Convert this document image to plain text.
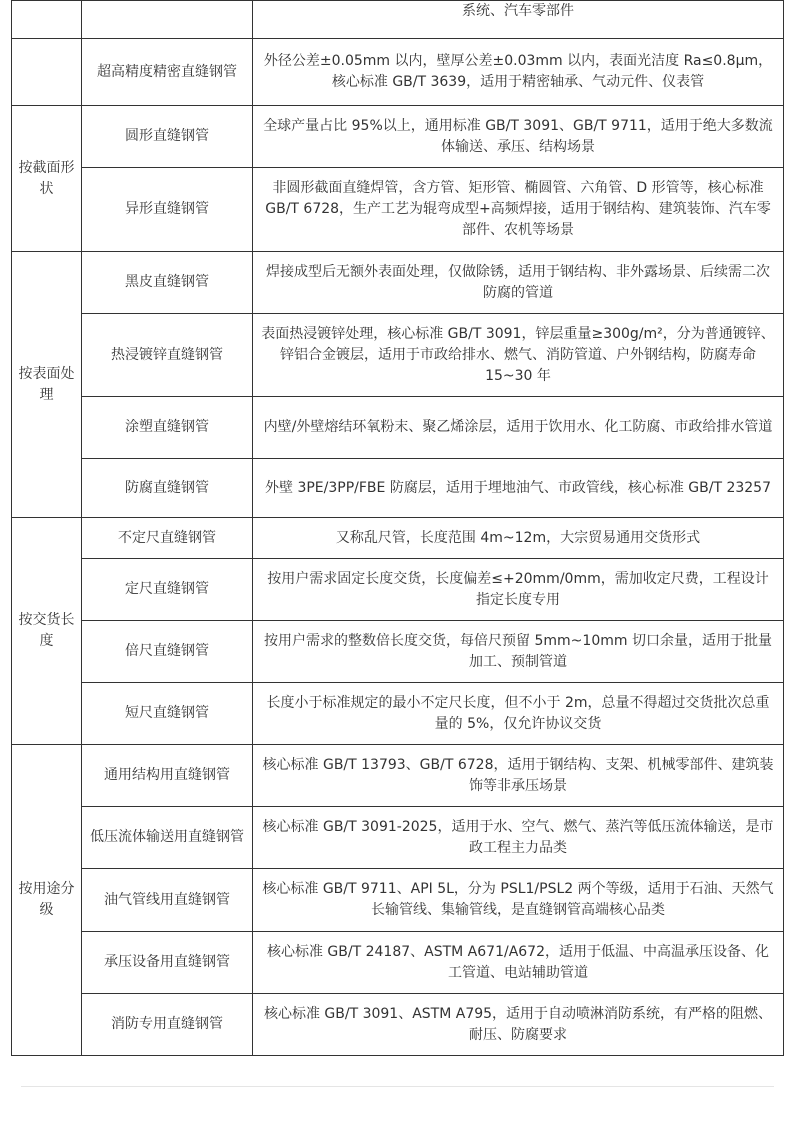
		系统、汽车零部件
	超高精度精密直缝钢管	外径公差±0.05mm 以内，壁厚公差±0.03mm 以内，表面光洁度 Ra≤0.8μm，核心标准 GB/T 3639，适用于精密轴承、气动元件、仪表管
按截面形状	圆形直缝钢管	全球产量占比 95%以上，通用标准 GB/T 3091、GB/T 9711，适用于绝大多数流体输送、承压、结构场景
	异形直缝钢管	非圆形截面直缝焊管，含方管、矩形管、椭圆管、六角管、D 形管等，核心标准 GB/T 6728，生产工艺为辊弯成型+高频焊接，适用于钢结构、建筑装饰、汽车零部件、农机等场景
按表面处理	黑皮直缝钢管	焊接成型后无额外表面处理，仅做除锈，适用于钢结构、非外露场景、后续需二次防腐的管道
	热浸镀锌直缝钢管	表面热浸镀锌处理，核心标准 GB/T 3091，锌层重量≥300g/m²，分为普通镀锌、锌铝合金镀层，适用于市政给排水、燃气、消防管道、户外钢结构，防腐寿命 15~30 年
	涂塑直缝钢管	内壁/外壁熔结环氧粉末、聚乙烯涂层，适用于饮用水、化工防腐、市政给排水管道
	防腐直缝钢管	外壁 3PE/3PP/FBE 防腐层，适用于埋地油气、市政管线，核心标准 GB/T 23257
按交货长度	不定尺直缝钢管	又称乱尺管，长度范围 4m~12m，大宗贸易通用交货形式
	定尺直缝钢管	按用户需求固定长度交货，长度偏差≤+20mm/0mm，需加收定尺费，工程设计指定长度专用
	倍尺直缝钢管	按用户需求的整数倍长度交货，每倍尺预留 5mm~10mm 切口余量，适用于批量加工、预制管道
	短尺直缝钢管	长度小于标准规定的最小不定尺长度，但不小于 2m，总量不得超过交货批次总重量的 5%，仅允许协议交货
按用途分级	通用结构用直缝钢管	核心标准 GB/T 13793、GB/T 6728，适用于钢结构、支架、机械零部件、建筑装饰等非承压场景
	低压流体输送用直缝钢管	核心标准 GB/T 3091-2025，适用于水、空气、燃气、蒸汽等低压流体输送，是市政工程主力品类
	油气管线用直缝钢管	核心标准 GB/T 9711、API 5L，分为 PSL1/PSL2 两个等级，适用于石油、天然气长输管线、集输管线，是直缝钢管高端核心品类
	承压设备用直缝钢管	核心标准 GB/T 24187、ASTM A671/A672，适用于低温、中高温承压设备、化工管道、电站辅助管道
	消防专用直缝钢管	核心标准 GB/T 3091、ASTM A795，适用于自动喷淋消防系统，有严格的阻燃、耐压、防腐要求
